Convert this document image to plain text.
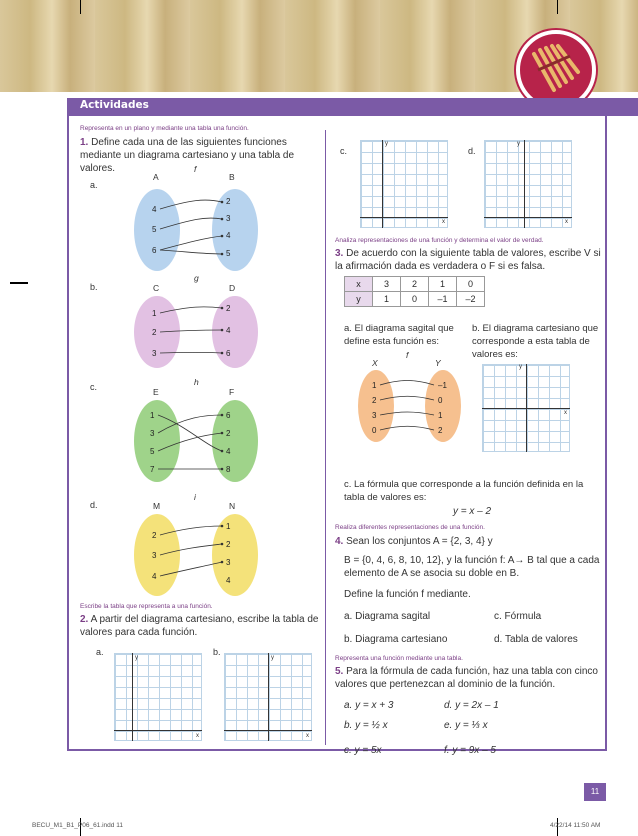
Actividades
Representa en un plano y mediante una tabla una función.
1. Define cada una de las siguientes funciones mediante un diagrama cartesiano y una tabla de valores.
a.
A	B
f
4
5
6
2
3
4
5
b.	C	D
g
1
2
3
2
4
6
c.	E	F
h
1
3
5
7
6
2
4
8
d.	M	N
i
2
3
4
1
2
3
4
Escribe la tabla que representa a una función.
2. A partir del diagrama cartesiano, escribe la tabla de valores para cada función.
a.
y
x
b.
y
x
c.
y
x
d.
y
x
Analiza representaciones de una función y determina el valor de verdad.
3. De acuerdo con la siguiente tabla de valores, escribe V si la afirmación dada es verdadera o F si es falsa.
x	3	2	1	0
y	1	0	–1	–2
a. El diagrama sagital que define esta función es:
b. El diagrama cartesiano que corresponde a esta tabla de valores es:
X	Y
f
1
2
3
0
–1
0
1
2
y
x
c. La fórmula que corresponde a la función definida en la tabla de valores es:
y = x – 2
Realiza diferentes representaciones de una función.
4. Sean los conjuntos A = {2, 3, 4} y
B = {0, 4, 6, 8, 10, 12}, y la función f: A→ B tal que a cada elemento de A se asocia su doble en B.
Define la función f mediante.
a. Diagrama sagital	c. Fórmula
b. Diagrama cartesiano	d. Tabla de valores
Representa una función mediante una tabla.
5. Para la fórmula de cada función, haz una tabla con cinco valores que pertenezcan al dominio de la función.
a. y = x + 3	d. y = 2x – 1
b. y = ½ x	e. y = ⅓ x
c. y = 5x	f. y = 9x – 5
11
BECU_M1_B1_P06_61.indd 11	4/22/14 11:50 AM
